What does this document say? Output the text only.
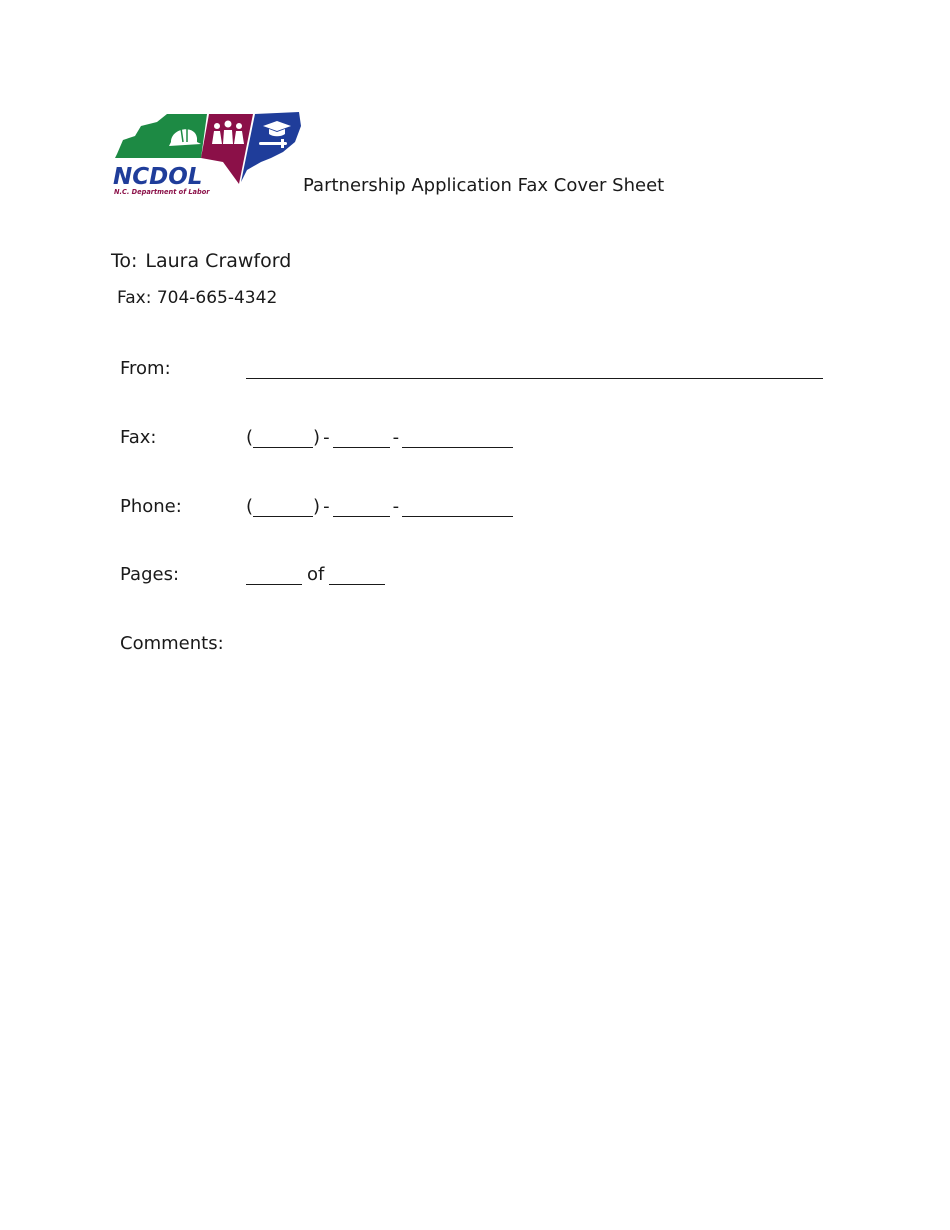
NCDOL
N.C. Department of Labor	Partnership Application Fax Cover Sheet
To: Laura Crawford
Fax: 704-665-4342
From:
Fax:	(	) -	-
Phone:	(	) -	-
Pages:	of
Comments:
